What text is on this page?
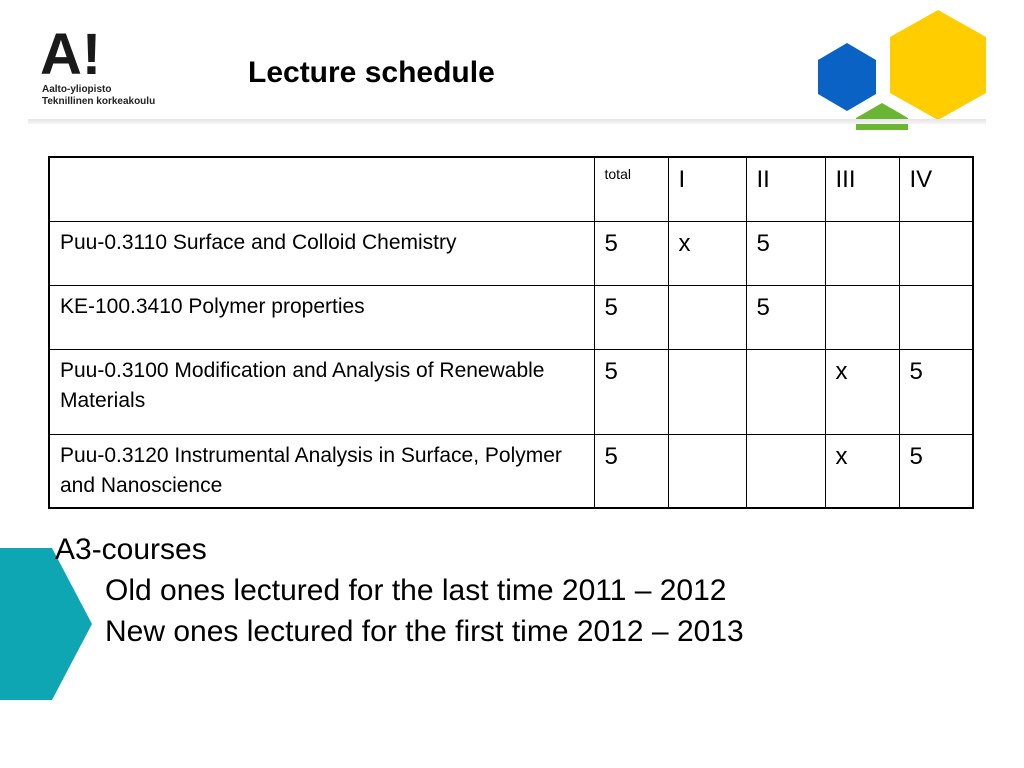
A!
Aalto-yliopisto
Teknillinen korkeakoulu
Lecture schedule
	total	I	II	III	IV
Puu-0.3110 Surface and Colloid Chemistry	5	x	5		
KE-100.3410 Polymer properties	5		5		
Puu-0.3100 Modification and Analysis of Renewable Materials	5			x	5
Puu-0.3120 Instrumental Analysis in Surface, Polymer and Nanoscience	5			x	5
A3-courses
Old ones lectured for the last time 2011 – 2012
New ones lectured for the first time 2012 – 2013
